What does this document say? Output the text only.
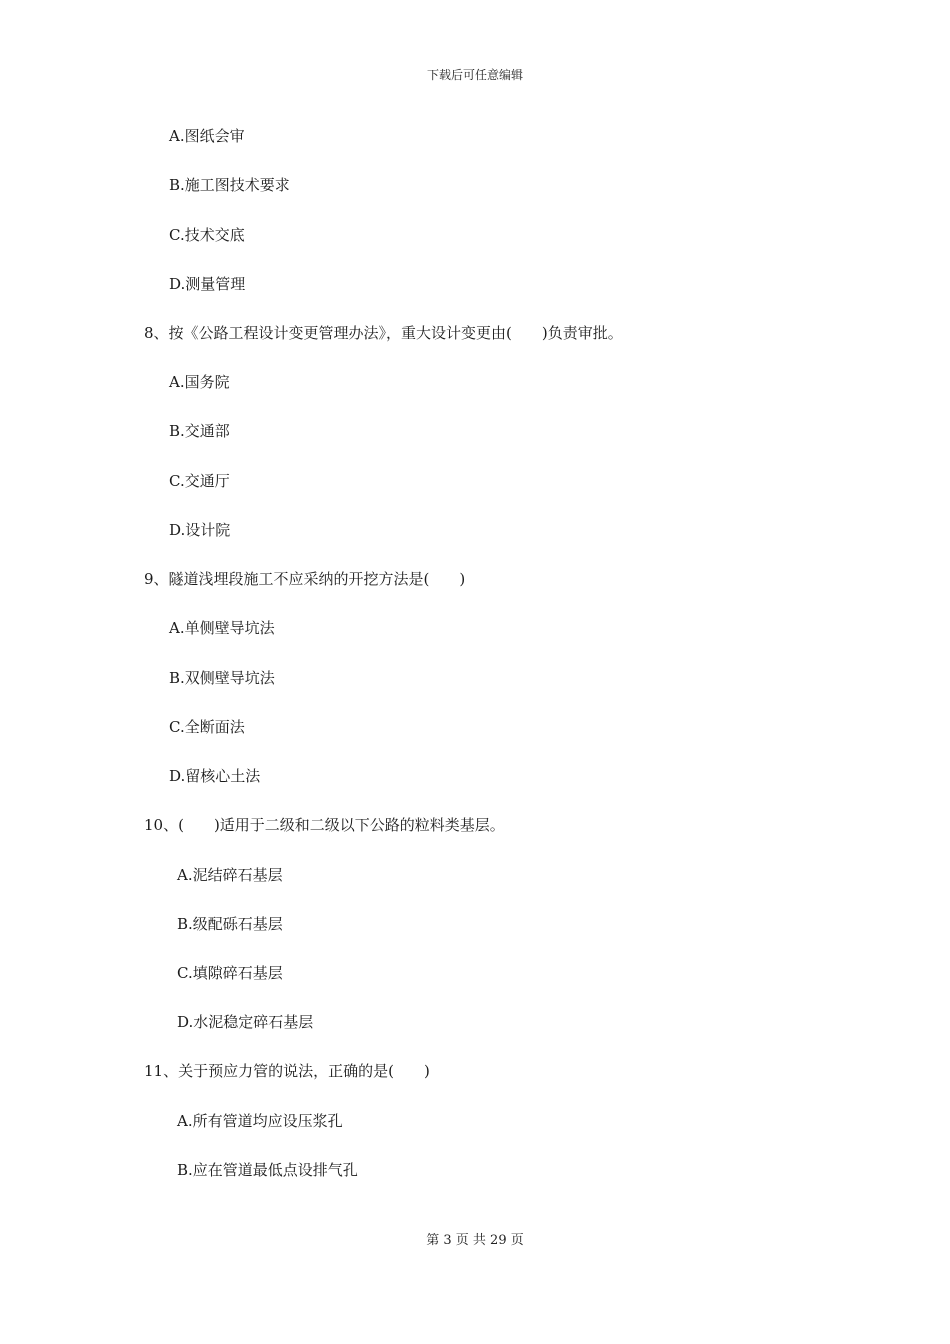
下载后可任意编辑
A.图纸会审
B.施工图技术要求
C.技术交底
D.测量管理
8、按《公路工程设计变更管理办法》，重大设计变更由(　　)负责审批。
A.国务院
B.交通部
C.交通厅
D.设计院
9、隧道浅埋段施工不应采纳的开挖方法是(　　)
A.单侧壁导坑法
B.双侧壁导坑法
C.全断面法
D.留核心土法
10、(　　)适用于二级和二级以下公路的粒料类基层。
A.泥结碎石基层
B.级配砾石基层
C.填隙碎石基层
D.水泥稳定碎石基层
11、关于预应力管的说法，正确的是(　　)
A.所有管道均应设压浆孔
B.应在管道最低点设排气孔
第 3 页 共 29 页
